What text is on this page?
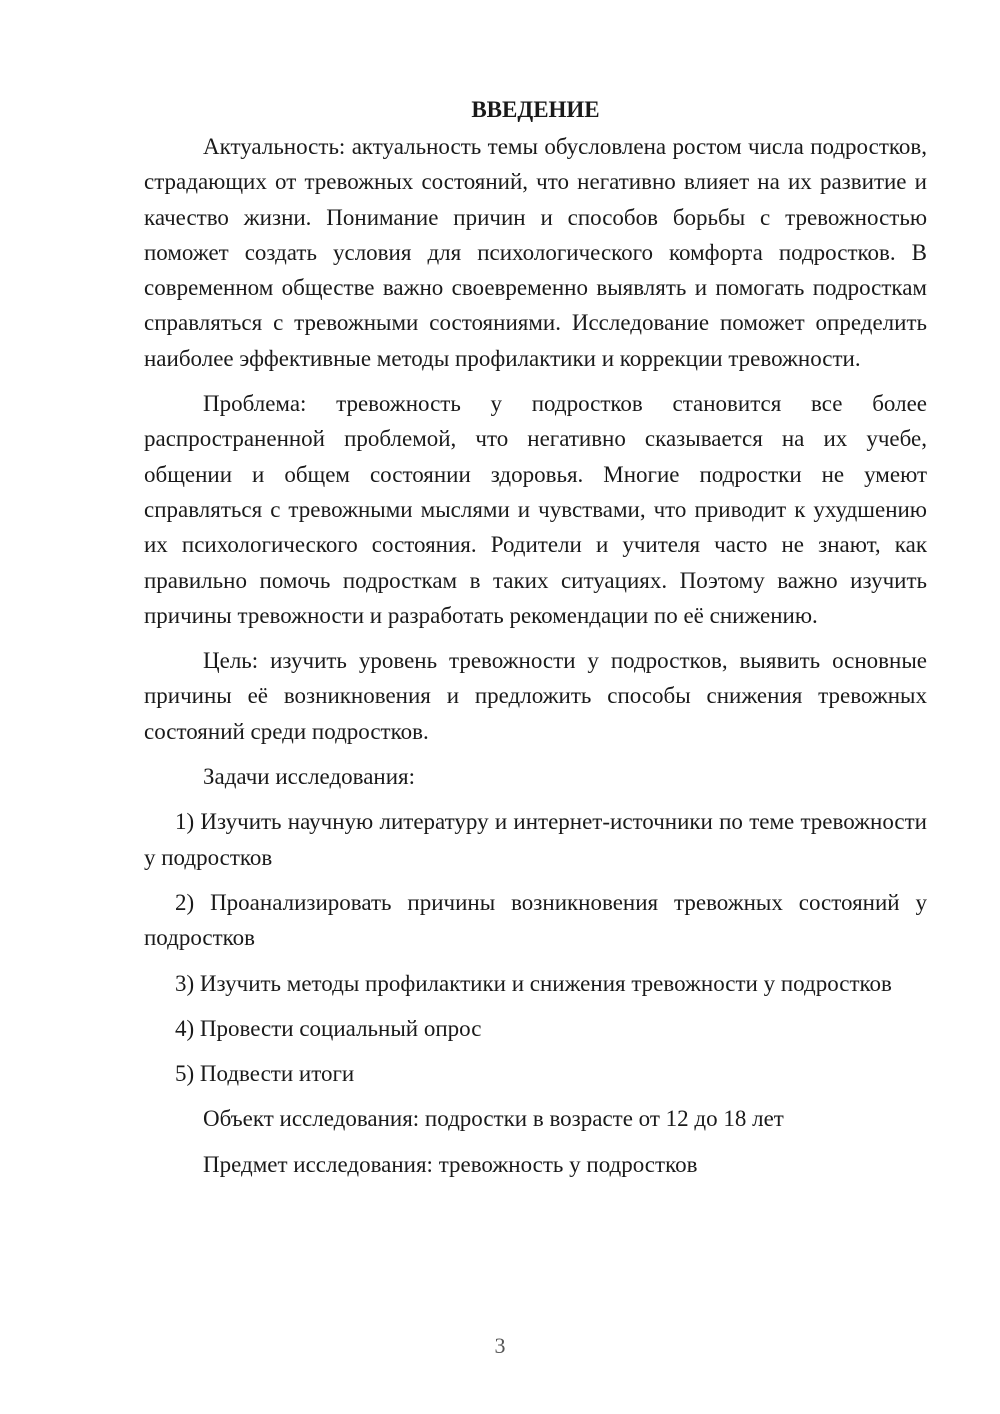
ВВЕДЕНИЕ

Актуальность: актуальность темы обусловлена ростом числа подростков, страдающих от тревожных состояний, что негативно влияет на их развитие и качество жизни. Понимание причин и способов борьбы с тревожностью поможет создать условия для психологического комфорта подростков. В современном обществе важно своевременно выявлять и помогать подросткам справляться с тревожными состояниями. Исследование поможет определить наиболее эффективные методы профилактики и коррекции тревожности.

Проблема: тревожность у подростков становится все более распространенной проблемой, что негативно сказывается на их учебе, общении и общем состоянии здоровья. Многие подростки не умеют справляться с тревожными мыслями и чувствами, что приводит к ухудшению их психологического состояния. Родители и учителя часто не знают, как правильно помочь подросткам в таких ситуациях. Поэтому важно изучить причины тревожности и разработать рекомендации по её снижению.

Цель: изучить уровень тревожности у подростков, выявить основные причины её возникновения и предложить способы снижения тревожных состояний среди подростков.

Задачи исследования:

1) Изучить научную литературу и интернет-источники по теме тревожности у подростков

2) Проанализировать причины возникновения тревожных состояний у подростков

3) Изучить методы профилактики и снижения тревожности у подростков

4) Провести социальный опрос

5) Подвести итоги

Объект исследования: подростки в возрасте от 12 до 18 лет

Предмет исследования: тревожность у подростков

3
